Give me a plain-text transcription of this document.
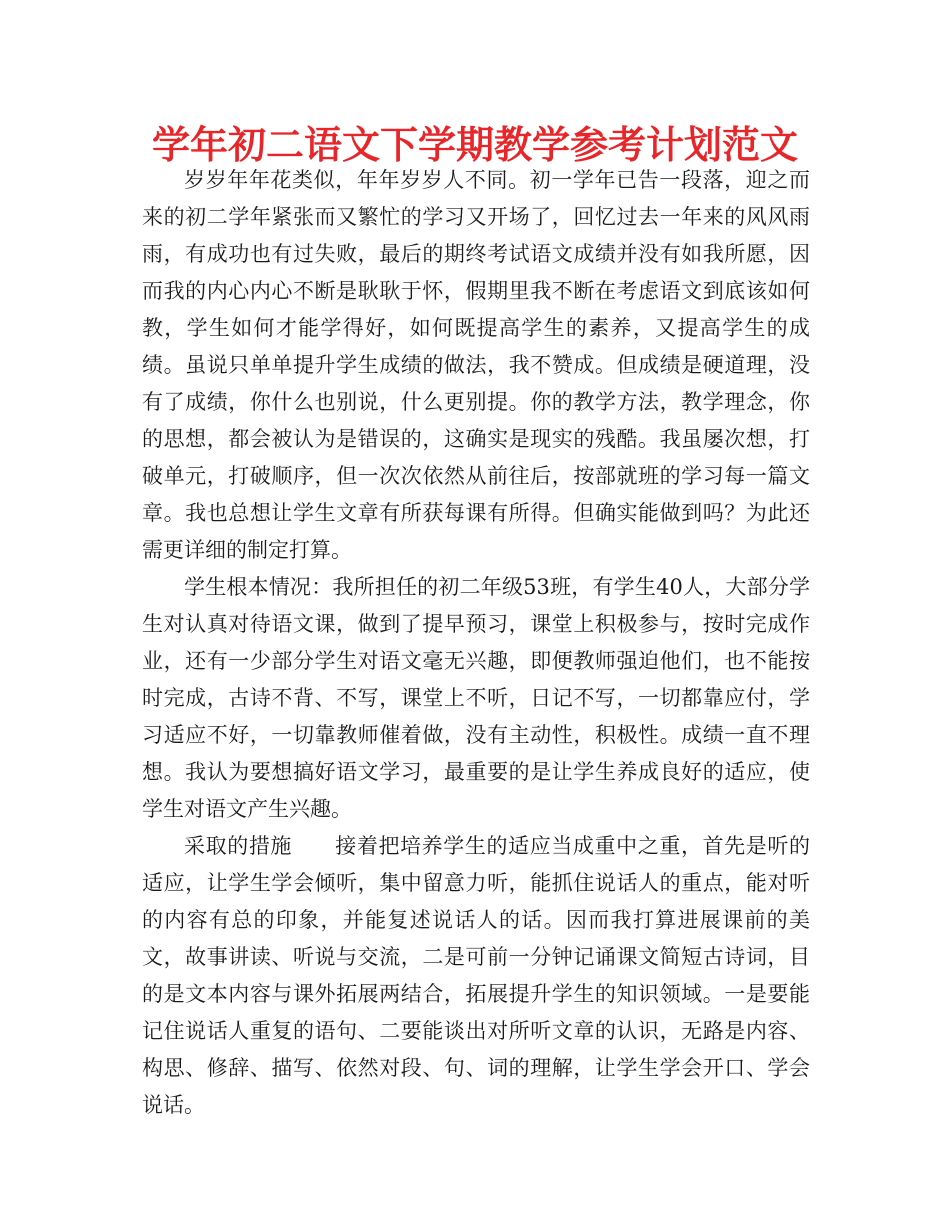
学年初二语文下学期教学参考计划范文

岁岁年年花类似，年年岁岁人不同。初一学年已告一段落，迎之而来的初二学年紧张而又繁忙的学习又开场了，回忆过去一年来的风风雨雨，有成功也有过失败，最后的期终考试语文成绩并没有如我所愿，因而我的内心内心不断是耿耿于怀，假期里我不断在考虑语文到底该如何教，学生如何才能学得好，如何既提高学生的素养，又提高学生的成绩。虽说只单单提升学生成绩的做法，我不赞成。但成绩是硬道理，没有了成绩，你什么也别说，什么更别提。你的教学方法，教学理念，你的思想，都会被认为是错误的，这确实是现实的残酷。我虽屡次想，打破单元，打破顺序，但一次次依然从前往后，按部就班的学习每一篇文章。我也总想让学生文章有所获每课有所得。但确实能做到吗？为此还需更详细的制定打算。

学生根本情况：我所担任的初二年级53班，有学生40人，大部分学生对认真对待语文课，做到了提早预习，课堂上积极参与，按时完成作业，还有一少部分学生对语文毫无兴趣，即便教师强迫他们，也不能按时完成，古诗不背、不写，课堂上不听，日记不写，一切都靠应付，学习适应不好，一切靠教师催着做，没有主动性，积极性。成绩一直不理想。我认为要想搞好语文学习，最重要的是让学生养成良好的适应，使学生对语文产生兴趣。

采取的措施　　接着把培养学生的适应当成重中之重，首先是听的适应，让学生学会倾听，集中留意力听，能抓住说话人的重点，能对听的内容有总的印象，并能复述说话人的话。因而我打算进展课前的美文，故事讲读、听说与交流，二是可前一分钟记诵课文简短古诗词，目的是文本内容与课外拓展两结合，拓展提升学生的知识领域。一是要能记住说话人重复的语句、二要能谈出对所听文章的认识，无路是内容、构思、修辞、描写、依然对段、句、词的理解，让学生学会开口、学会说话。
